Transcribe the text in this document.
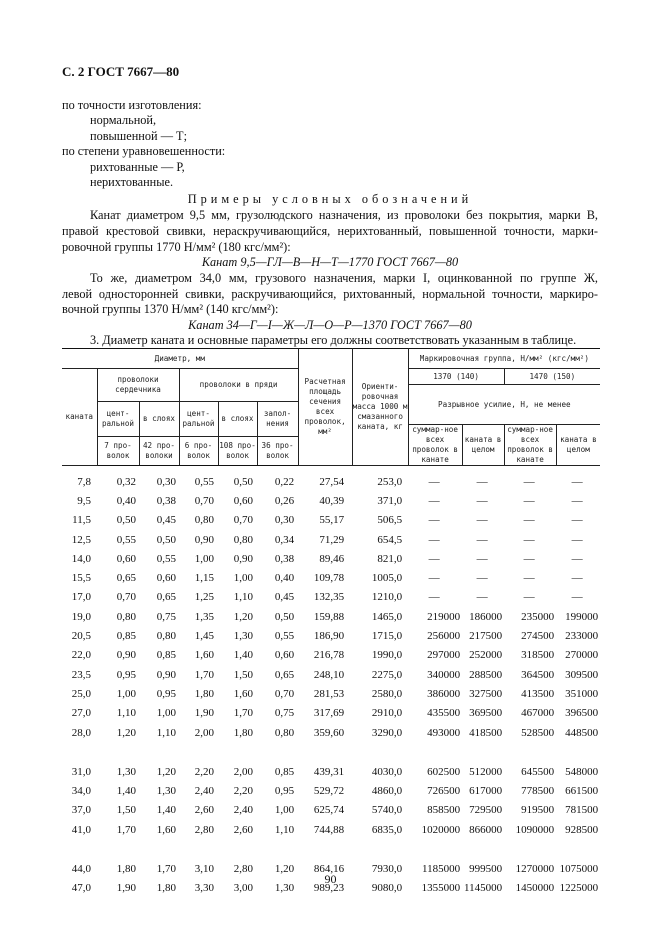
С. 2 ГОСТ 7667—80
по точности изготовления:
нормальной,
повышенной — Т;
по степени уравновешенности:
рихтованные — Р,
нерихтованные.
Примеры условных обозначений
Канат диаметром 9,5 мм, грузолюдского назначения, из проволоки без покрытия, марки В,
правой крестовой свивки, нераскручивающийся, нерихтованный, повышенной точности, марки-
ровочной группы 1770 Н/мм² (180 кгс/мм²):
Канат 9,5—ГЛ—В—Н—Т—1770 ГОСТ 7667—80
То же, диаметром 34,0 мм, грузового назначения, марки I, оцинкованной по группе Ж,
левой односторонней свивки, раскручивающийся, рихтованный, нормальной точности, маркиро-
вочной группы 1370 Н/мм² (140 кгс/мм²):
Канат 34—Г—I—Ж—Л—О—Р—1370 ГОСТ 7667—80
3. Диаметр каната и основные параметры его должны соответствовать указанным в таблице.
Диаметр, мм						Расчетная площадь сечения всех проволок, мм²	Ориенти-ровочная масса 1000 м смазанного каната, кг	Маркировочная группа, Н/мм² (кгс/мм²)			
каната	проволоки сердечника		проволоки в пряди					1370 (140)		1470 (150)	
								Разрывное усилие, Н, не менее			
	цент-ральной	в слоях	цент-ральной	в слоях	запол-нения						
								суммар-ное всех проволок в канате	каната в целом	суммар-ное всех проволок в канате	каната в целом
	7 про-волок	42 про-волоки	6 про-волок	108 про-волок	36 про-волок						

7,8	0,32	0,30	0,55	0,50	0,22	27,54	253,0	—	—	—	—
9,5	0,40	0,38	0,70	0,60	0,26	40,39	371,0	—	—	—	—
11,5	0,50	0,45	0,80	0,70	0,30	55,17	506,5	—	—	—	—
12,5	0,55	0,50	0,90	0,80	0,34	71,29	654,5	—	—	—	—
14,0	0,60	0,55	1,00	0,90	0,38	89,46	821,0	—	—	—	—
15,5	0,65	0,60	1,15	1,00	0,40	109,78	1005,0	—	—	—	—
17,0	0,70	0,65	1,25	1,10	0,45	132,35	1210,0	—	—	—	—
19,0	0,80	0,75	1,35	1,20	0,50	159,88	1465,0	219000	186000	235000	199000
20,5	0,85	0,80	1,45	1,30	0,55	186,90	1715,0	256000	217500	274500	233000
22,0	0,90	0,85	1,60	1,40	0,60	216,78	1990,0	297000	252000	318500	270000
23,5	0,95	0,90	1,70	1,50	0,65	248,10	2275,0	340000	288500	364500	309500
25,0	1,00	0,95	1,80	1,60	0,70	281,53	2580,0	386000	327500	413500	351000
27,0	1,10	1,00	1,90	1,70	0,75	317,69	2910,0	435500	369500	467000	396500
28,0	1,20	1,10	2,00	1,80	0,80	359,60	3290,0	493000	418500	528500	448500

31,0	1,30	1,20	2,20	2,00	0,85	439,31	4030,0	602500	512000	645500	548000
34,0	1,40	1,30	2,40	2,20	0,95	529,72	4860,0	726500	617000	778500	661500
37,0	1,50	1,40	2,60	2,40	1,00	625,74	5740,0	858500	729500	919500	781500
41,0	1,70	1,60	2,80	2,60	1,10	744,88	6835,0	1020000	866000	1090000	928500

44,0	1,80	1,70	3,10	2,80	1,20	864,16	7930,0	1185000	999500	1270000	1075000
47,0	1,90	1,80	3,30	3,00	1,30	989,23	9080,0	1355000	1145000	1450000	1225000
90
